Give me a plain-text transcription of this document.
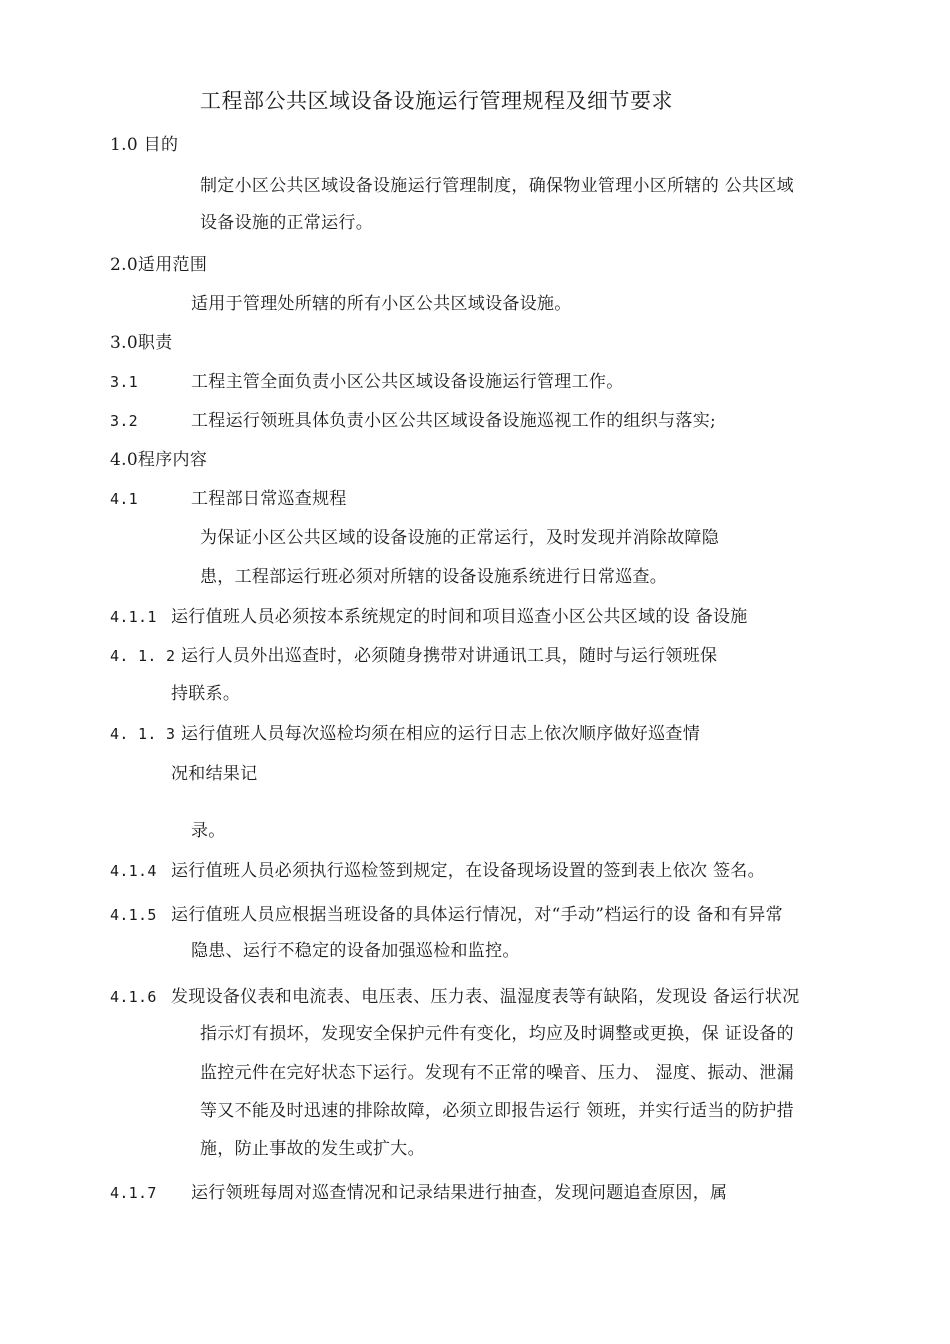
工程部公共区域设备设施运行管理规程及细节要求
1.0 目的
制定小区公共区域设备设施运行管理制度，确保物业管理小区所辖的 公共区域
设备设施的正常运行。
2.0适用范围
适用于管理处所辖的所有小区公共区域设备设施。
3.0职责
3.1	工程主管全面负责小区公共区域设备设施运行管理工作。
3.2	工程运行领班具体负责小区公共区域设备设施巡视工作的组织与落实;
4.0程序内容
4.1	工程部日常巡查规程
为保证小区公共区域的设备设施的正常运行，及时发现并消除故障隐
患，工程部运行班必须对所辖的设备设施系统进行日常巡查。
4.1.1 运行值班人员必须按本系统规定的时间和项目巡查小区公共区域的设 备设施
4. 1. 2 运行人员外出巡查时，必须随身携带对讲通讯工具，随时与运行领班保
持联系。
4. 1. 3 运行值班人员每次巡检均须在相应的运行日志上依次顺序做好巡查情
况和结果记
录。
4.1.4 运行值班人员必须执行巡检签到规定，在设备现场设置的签到表上依次 签名。
4.1.5 运行值班人员应根据当班设备的具体运行情况，对“手动”档运行的设 备和有异常
隐患、运行不稳定的设备加强巡检和监控。
4.1.6 发现设备仪表和电流表、电压表、压力表、温湿度表等有缺陷，发现设 备运行状况
指示灯有损坏，发现安全保护元件有变化，均应及时调整或更换，保 证设备的
监控元件在完好状态下运行。发现有不正常的噪音、压力、 湿度、振动、泄漏
等又不能及时迅速的排除故障，必须立即报告运行 领班，并实行适当的防护措
施，防止事故的发生或扩大。
4.1.7 运行领班每周对巡查情况和记录结果进行抽查，发现问题追查原因，属
